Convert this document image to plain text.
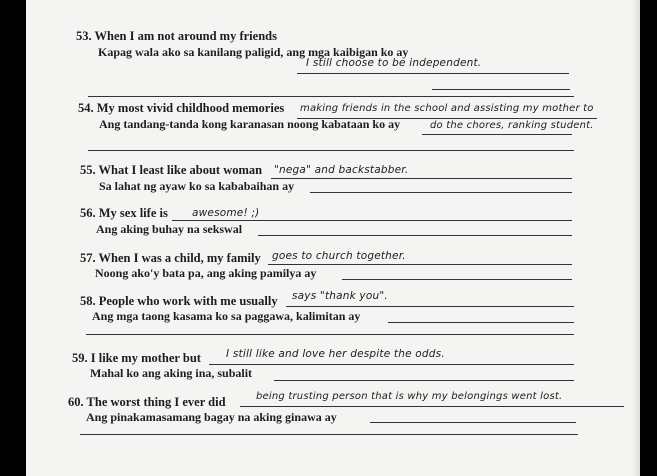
53. When I am not around my friends
I still choose to be independent.
Kapag wala ako sa kanilang paligid, ang mga kaibigan ko ay
54. My most vivid childhood memories making friends in the school and assisting my mother to
Ang tandang-tanda kong karanasan noong kabataan ko ay	do the chores, ranking student.
55. What I least like about woman "nega" and backstabber.
Sa lahat ng ayaw ko sa kababaihan ay
56. My sex life is awesome! ;)
Ang aking buhay na sekswal
57. When I was a child, my family goes to church together.
Noong ako'y bata pa, ang aking pamilya ay
58. People who work with me usually says "thank you".
Ang mga taong kasama ko sa paggawa, kalimitan ay
59. I like my mother but I still like and love her despite the odds.
Mahal ko ang aking ina, subalit
60. The worst thing I ever did	being trusting person that is why my belongings went lost.
Ang pinakamasamang bagay na aking ginawa ay
